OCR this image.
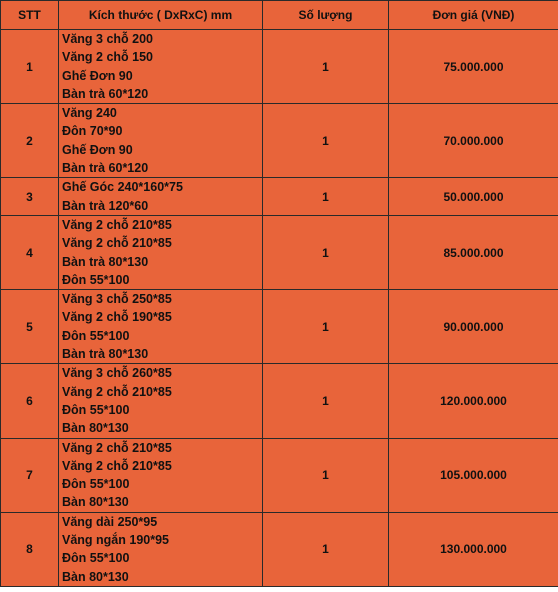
STT	Kích thước ( DxRxC) mm	Số lượng	Đơn giá (VNĐ)
1	Văng 3 chỗ 200
Văng 2 chỗ 150
Ghế Đơn 90
Bàn trà 60*120	1	75.000.000
2	Văng 240
Đôn 70*90
Ghế Đơn 90
Bàn trà 60*120	1	70.000.000
3	Ghế Góc 240*160*75
Bàn trà 120*60	1	50.000.000
4	Văng 2 chỗ 210*85
Văng 2 chỗ 210*85
Bàn trà 80*130
Đôn 55*100	1	85.000.000
5	Văng 3 chỗ 250*85
Văng 2 chỗ 190*85
Đôn 55*100
Bàn trà 80*130	1	90.000.000
6	Văng 3 chỗ 260*85
Văng 2 chỗ 210*85
Đôn 55*100
Bàn 80*130	1	120.000.000
7	Văng 2 chỗ 210*85
Văng 2 chỗ 210*85
Đôn 55*100
Bàn 80*130	1	105.000.000
8	Văng dài 250*95
Văng ngắn 190*95
Đôn 55*100
Bàn 80*130	1	130.000.000
